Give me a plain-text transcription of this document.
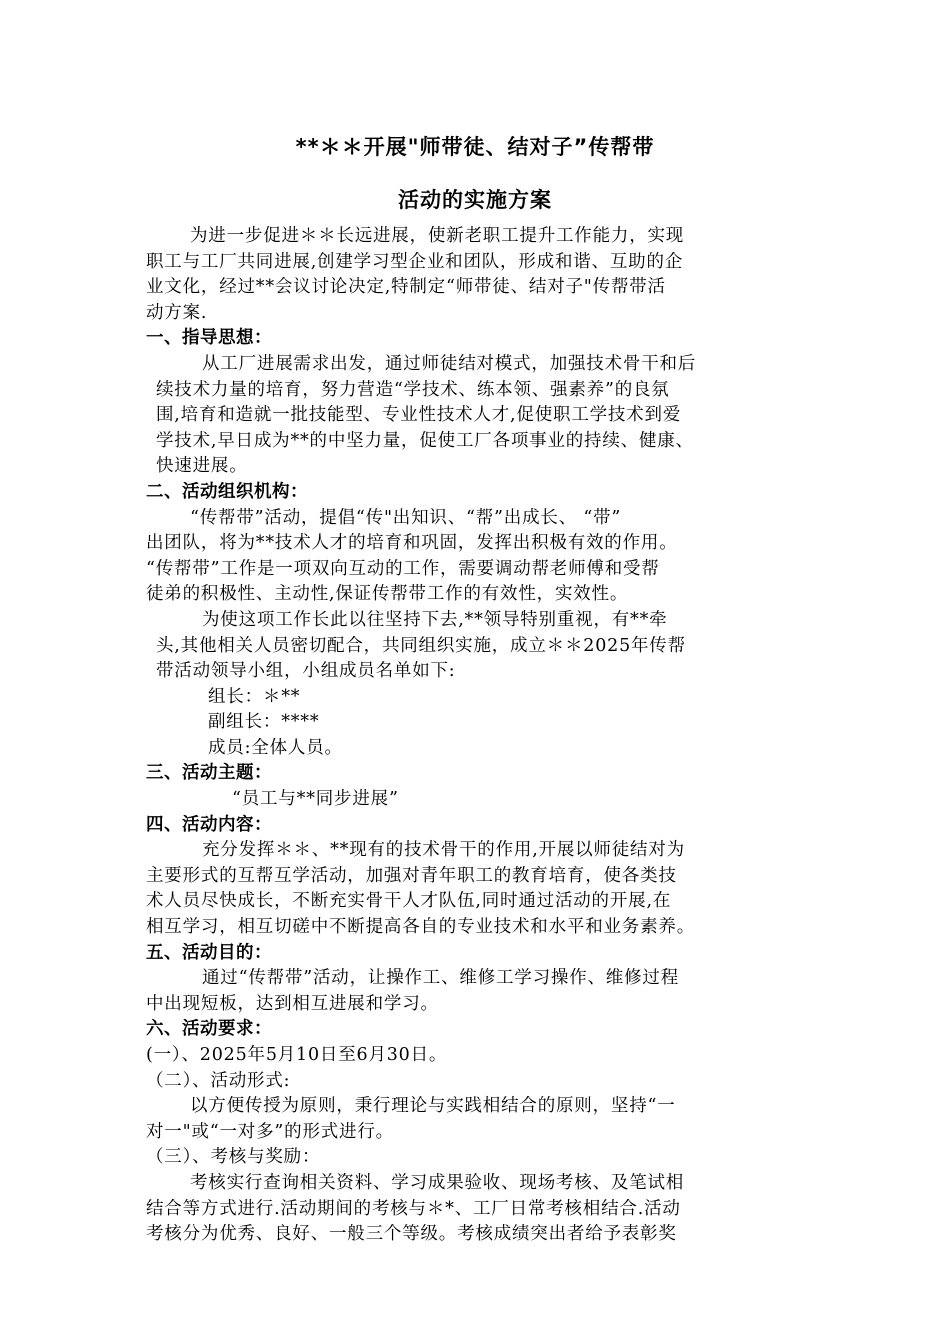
**＊＊开展"师带徒、结对子”传帮带
活动的实施方案
为进一步促进＊＊长远进展，使新老职工提升工作能力，实现
职工与工厂共同进展,创建学习型企业和团队，形成和谐、互助的企
业文化，经过**会议讨论决定,特制定“师带徒、结对子"传帮带活
动方案.
一、指导思想：
从工厂进展需求出发，通过师徒结对模式，加强技术骨干和后
续技术力量的培育，努力营造“学技术、练本领、强素养”的良氛
围,培育和造就一批技能型、专业性技术人才,促使职工学技术到爱
学技术,早日成为**的中坚力量，促使工厂各项事业的持续、健康、
快速进展。
二、活动组织机构：
“传帮带”活动，提倡“传"出知识、“帮”出成长、 “带”
出团队，将为**技术人才的培育和巩固，发挥出积极有效的作用。
“传帮带”工作是一项双向互动的工作，需要调动帮老师傅和受帮
徒弟的积极性、主动性,保证传帮带工作的有效性，实效性。
为使这项工作长此以往坚持下去,**领导特别重视，有**牵
头,其他相关人员密切配合，共同组织实施，成立＊＊2025年传帮
带活动领导小组，小组成员名单如下:
组长：＊**
副组长：****
成员:全体人员。
三、活动主题：
“员工与**同步进展”
四、活动内容：
充分发挥＊＊、**现有的技术骨干的作用,开展以师徒结对为
主要形式的互帮互学活动，加强对青年职工的教育培育，使各类技
术人员尽快成长，不断充实骨干人才队伍,同时通过活动的开展,在
相互学习，相互切磋中不断提高各自的专业技术和水平和业务素养。
五、活动目的：
通过“传帮带”活动，让操作工、维修工学习操作、维修过程
中出现短板，达到相互进展和学习。
六、活动要求：
(一）、2025年5月10日至6月30日。
（二）、活动形式:
以方便传授为原则，秉行理论与实践相结合的原则，坚持“一
对一"或“一对多”的形式进行。
（三）、考核与奖励：
考核实行查询相关资料、学习成果验收、现场考核、及笔试相
结合等方式进行.活动期间的考核与＊*、工厂日常考核相结合.活动
考核分为优秀、良好、一般三个等级。考核成绩突出者给予表彰奖
